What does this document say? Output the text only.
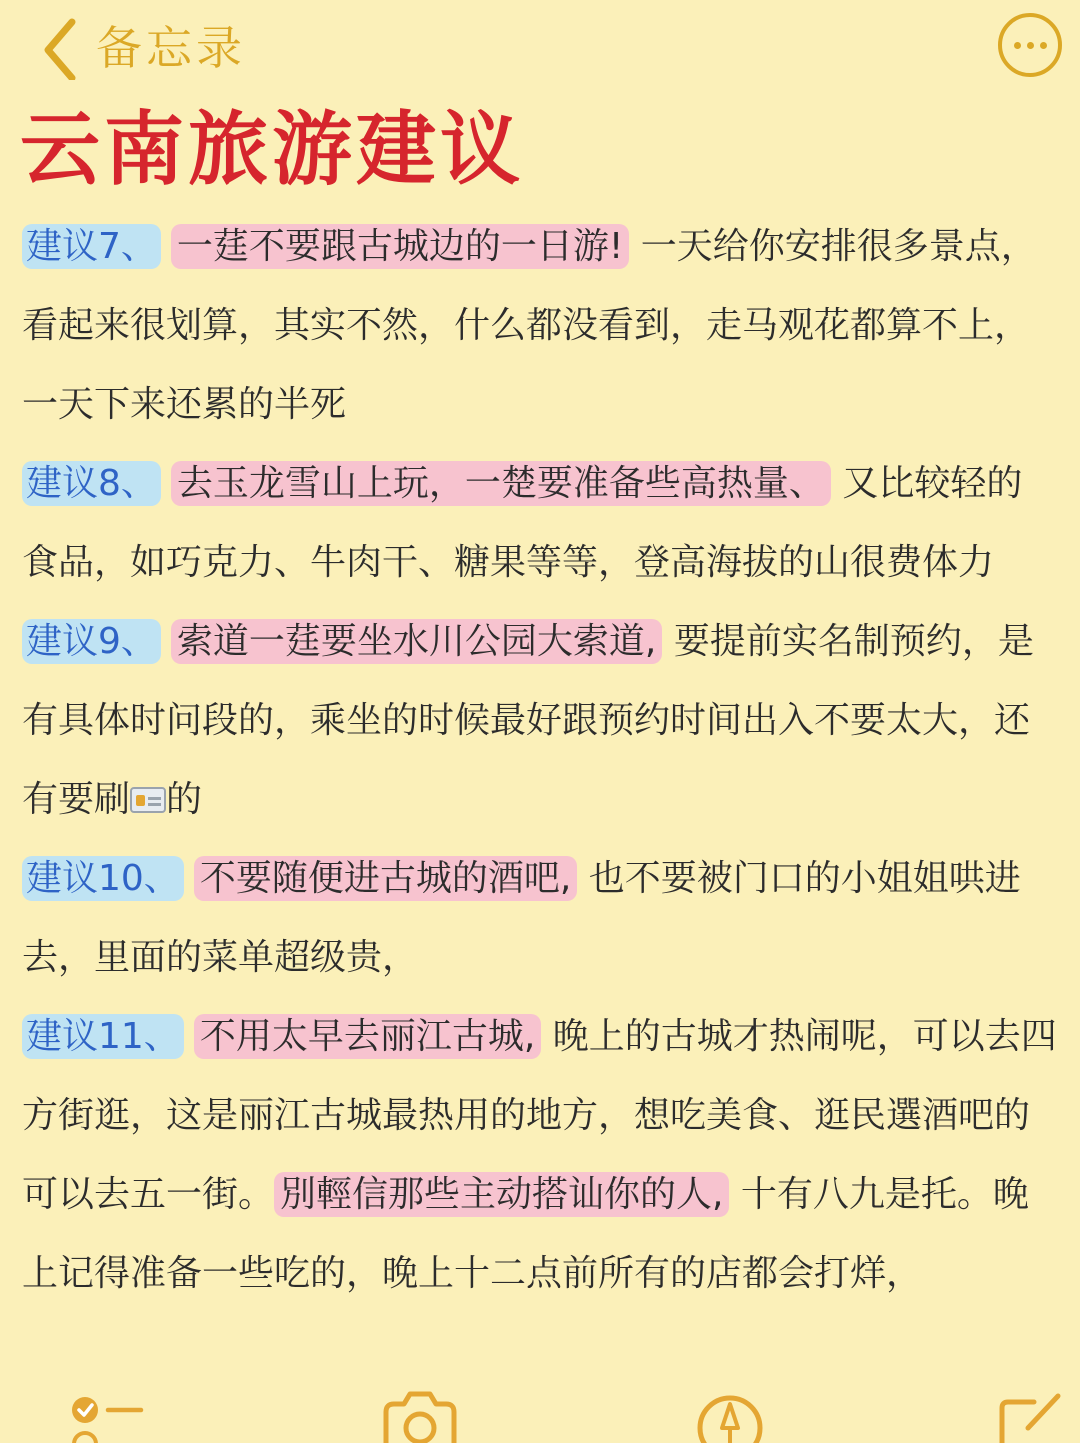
备忘录
云南旅游建议

建议7、 一莛不要跟古城边的一日游! 一天给你安排很多景点，看起来很划算，其实不然，什么都没看到，走马观花都算不上，一天下来还累的半死

建议8、 去玉龙雪山上玩，一楚要准备些高热量、 又比较轻的食品，如巧克力、牛肉干、糖果等等，登高海拔的山很费体力

建议9、 索道一莛要坐水川公园大索道, 要提前实名制预约，是有具体时问段的，乘坐的时候最好跟预约时间出入不要太大，还有要刷 的

建议10、 不要随便进古城的酒吧, 也不要被门口的小姐姐哄进去，里面的菜单超级贵，

建议11、 不用太早去丽江古城, 晚上的古城才热闹呢，可以去四方街逛，这是丽江古城最热用的地方，想吃美食、逛民選酒吧的可以去五一街。 別輕信那些主动搭讪你的人, 十有八九是托。晚上记得准备一些吃的，晚上十二点前所有的店都会打烊，
